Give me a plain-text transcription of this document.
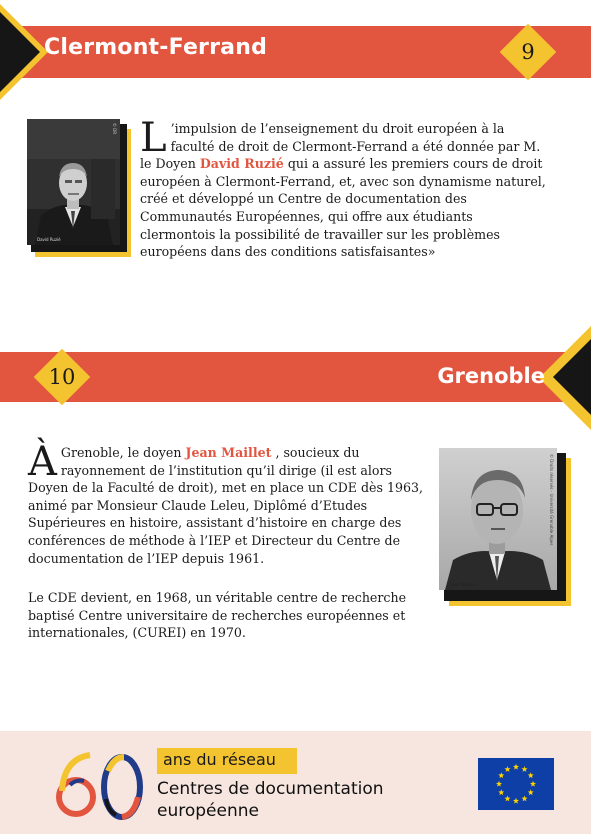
Clermont-Ferrand	9
David Ruzié
© DR L ’impulsion de l’enseignement du droit européen à la faculté de droit de Clermont-Ferrand a été donnée par M. le Doyen David Ruzié qui a assuré les premiers cours de droit européen à Clermont-Ferrand, et, avec son dynamisme naturel, créé et développé un Centre de documentation des Communautés Européennes, qui offre aux étudiants clermontois la possibilité de travailler sur les problèmes européens dans des conditions satisfaisantes»
Grenoble
10
À Grenoble, le doyen Jean Maillet , soucieux du rayonnement de l’institution qu’il dirige (il est alors Doyen de la Faculté de droit), met en place un CDE dès 1963, animé par Monsieur Claude Leleu, Diplômé d’Etudes Supérieures en histoire, assistant d’histoire en charge des conférences de méthode à l’IEP et Directeur du Centre de documentation de l’IEP depuis 1961.
Le CDE devient, en 1968, un véritable centre de recherche baptisé Centre universitaire de recherches européennes et internationales, (CUREI) en 1970.
Jean Maillet
© Droits réservés - Université Grenoble Alpes
ans du réseau
Centres de documentation
européenne
